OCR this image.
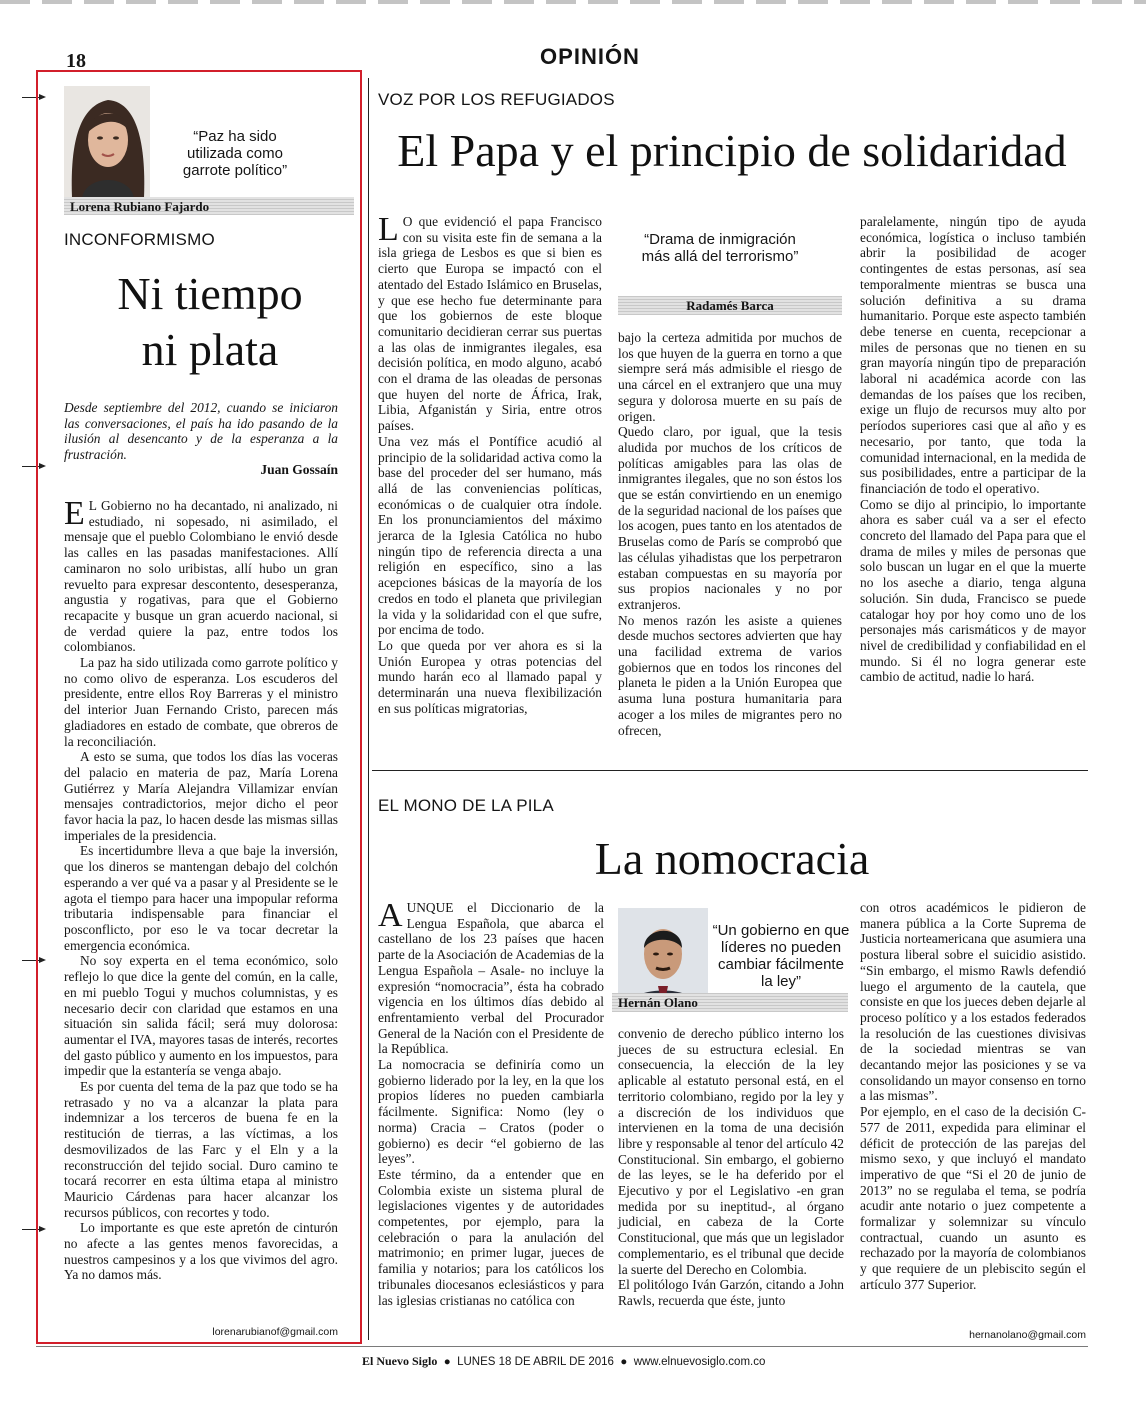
18	OPINIÓN
“Paz ha sido utilizada como garrote político”
Lorena Rubiano Fajardo
INCONFORMISMO
Ni tiempo
ni plata
Desde septiembre del 2012, cuando se iniciaron las conversaciones, el país ha ido pasando de la ilusión al desencanto y de la esperanza a la frustración.
Juan Gossaín

E L Gobierno no ha decantado, ni analizado, ni estudiado, ni sopesado, ni asimilado, el mensaje que el pueblo Colombiano le envió desde las calles en las pasadas manifestaciones. Allí caminaron no solo uribistas, allí hubo un gran revuelto para expresar descontento, desesperanza, angustia y rogativas, para que el Gobierno recapacite y busque un gran acuerdo nacional, si de verdad quiere la paz, entre todos los colombianos.

La paz ha sido utilizada como garrote político y no como olivo de esperanza. Los escuderos del presidente, entre ellos Roy Barreras y el ministro del interior Juan Fernando Cristo, parecen más gladiadores en estado de combate, que obreros de la reconciliación.

A esto se suma, que todos los días las voceras del palacio en materia de paz, María Lorena Gutiérrez y María Alejandra Villamizar envían mensajes contradictorios, mejor dicho el peor favor hacia la paz, lo hacen desde las mismas sillas imperiales de la presidencia.

Es incertidumbre lleva a que baje la inversión, que los dineros se mantengan debajo del colchón esperando a ver qué va a pasar y al Presidente se le agota el tiempo para hacer una impopular reforma tributaria indispensable para financiar el posconflicto, por eso le va tocar decretar la emergencia económica.

No soy experta en el tema económico, solo reflejo lo que dice la gente del común, en la calle, en mi pueblo Togui y muchos columnistas, y es necesario decir con claridad que estamos en una situación sin salida fácil; será muy dolorosa: aumentar el IVA, mayores tasas de interés, recortes del gasto público y aumento en los impuestos, para impedir que la estantería se venga abajo.

Es por cuenta del tema de la paz que todo se ha retrasado y no va a alcanzar la plata para indemnizar a los terceros de buena fe en la restitución de tierras, a las víctimas, a los desmovilizados de las Farc y el Eln y a la reconstrucción del tejido social. Duro camino te tocará recorrer en esta última etapa al ministro Mauricio Cárdenas para hacer alcanzar los recursos públicos, con recortes y todo.

Lo importante es que este apretón de cinturón no afecte a las gentes menos favorecidas, a nuestros campesinos y a los que vivimos del agro. Ya no damos más.

lorenarubianof@gmail.com
VOZ POR LOS REFUGIADOS
El Papa y el principio de solidaridad
L O que evidenció el papa Francisco con su visita este fin de semana a la isla griega de Lesbos es que si bien es cierto que Europa se impactó con el atentado del Estado Islámico en Bruselas, y que ese hecho fue determinante para que los gobiernos de este bloque comunitario decidieran cerrar sus puertas a las olas de inmigrantes ilegales, esa decisión política, en modo alguno, acabó con el drama de las oleadas de personas que huyen del norte de África, Irak, Libia, Afganistán y Siria, entre otros países.
Una vez más el Pontífice acudió al principio de la solidaridad activa como la base del proceder del ser humano, más allá de las conveniencias políticas, económicas o de cualquier otra índole. En los pronunciamientos del máximo jerarca de la Iglesia Católica no hubo ningún tipo de referencia directa a una religión en específico, sino a las acepciones básicas de la mayoría de los credos en todo el planeta que privilegian la vida y la solidaridad con el que sufre, por encima de todo.
Lo que queda por ver ahora es si la Unión Europea y otras potencias del mundo harán eco al llamado papal y determinarán una nueva flexibilización en sus políticas migratorias,
“Drama de inmigración más allá del terrorismo”
Radamés Barca
bajo la certeza admitida por muchos de los que huyen de la guerra en torno a que siempre será más admisible el riesgo de una cárcel en el extranjero que una muy segura y dolorosa muerte en su país de origen.
Quedo claro, por igual, que la tesis aludida por muchos de los críticos de políticas amigables para las olas de inmigrantes ilegales, que no son éstos los que se están convirtiendo en un enemigo de la seguridad nacional de los países que los acogen, pues tanto en los atentados de Bruselas como de París se comprobó que las células yihadistas que los perpetraron estaban compuestas en su mayoría por sus propios nacionales y no por extranjeros.
No menos razón les asiste a quienes desde muchos sectores advierten que hay una facilidad extrema de varios gobiernos que en todos los rincones del planeta le piden a la Unión Europea que asuma luna postura humanitaria para acoger a los miles de migrantes pero no ofrecen,
paralelamente, ningún tipo de ayuda económica, logística o incluso también abrir la posibilidad de acoger contingentes de estas personas, así sea temporalmente mientras se busca una solución definitiva a su drama humanitario. Porque este aspecto también debe tenerse en cuenta, recepcionar a miles de personas que no tienen en su gran mayoría ningún tipo de preparación laboral ni académica acorde con las demandas de los países que los reciben, exige un flujo de recursos muy alto por períodos superiores casi que al año y es necesario, por tanto, que toda la comunidad internacional, en la medida de sus posibilidades, entre a participar de la financiación de todo el operativo.
Como se dijo al principio, lo importante ahora es saber cuál va a ser el efecto concreto del llamado del Papa para que el drama de miles y miles de personas que solo buscan un lugar en el que la muerte no los aseche a diario, tenga alguna solución. Sin duda, Francisco se puede catalogar hoy por hoy como uno de los personajes más carismáticos y de mayor nivel de credibilidad y confiabilidad en el mundo. Si él no logra generar este cambio de actitud, nadie lo hará.
EL MONO DE LA PILA
La nomocracia
AUNQUE el Diccionario de la Lengua Española, que abarca el castellano de los 23 países que hacen parte de la Asociación de Academias de la Lengua Española – Asale- no incluye la expresión “nomocracia”, ésta ha cobrado vigencia en los últimos días debido al enfrentamiento verbal del Procurador General de la Nación con el Presidente de la República.
La nomocracia se definiría como un gobierno liderado por la ley, en la que los propios líderes no pueden cambiarla fácilmente. Significa: Nomo (ley o norma) Cracia – Cratos (poder o gobierno) es decir “el gobierno de las leyes”.
Este término, da a entender que en Colombia existe un sistema plural de legislaciones vigentes y de autoridades competentes, por ejemplo, para la celebración o para la anulación del matrimonio; en primer lugar, jueces de familia y notarios; para los católicos los tribunales diocesanos eclesiásticos y para las iglesias cristianas no católica con
“Un gobierno en que líderes no pueden cambiar fácilmente la ley”
Hernán Olano
convenio de derecho público interno los jueces de su estructura eclesial. En consecuencia, la elección de la ley aplicable al estatuto personal está, en el territorio colombiano, regido por la ley y a discreción de los individuos que intervienen en la toma de una decisión libre y responsable al tenor del artículo 42 Constitucional. Sin embargo, el gobierno de las leyes, se le ha deferido por el Ejecutivo y por el Legislativo -en gran medida por su ineptitud-, al órgano judicial, en cabeza de la Corte Constitucional, que más que un legislador complementario, es el tribunal que decide la suerte del Derecho en Colombia.
El politólogo Iván Garzón, citando a John Rawls, recuerda que éste, junto
con otros académicos le pidieron de manera pública a la Corte Suprema de Justicia norteamericana que asumiera una postura liberal sobre el suicidio asistido. “Sin embargo, el mismo Rawls defendió luego el argumento de la cautela, que consiste en que los jueces deben dejarle al proceso político y a los estados federados la resolución de las cuestiones divisivas de la sociedad mientras se van decantando mejor las posiciones y se va consolidando un mayor consenso en torno a las mismas”.
Por ejemplo, en el caso de la decisión C-577 de 2011, expedida para eliminar el déficit de protección de las parejas del mismo sexo, y que incluyó el mandato imperativo de que “Si el 20 de junio de 2013” no se regulaba el tema, se podría acudir ante notario o juez competente a formalizar y solemnizar su vínculo contractual, cuando un asunto es rechazado por la mayoría de colombianos y que requiere de un plebiscito según el artículo 377 Superior.
hernanolano@gmail.com
El Nuevo Siglo  ●  LUNES 18 DE ABRIL DE 2016  ●  www.elnuevosiglo.com.co
